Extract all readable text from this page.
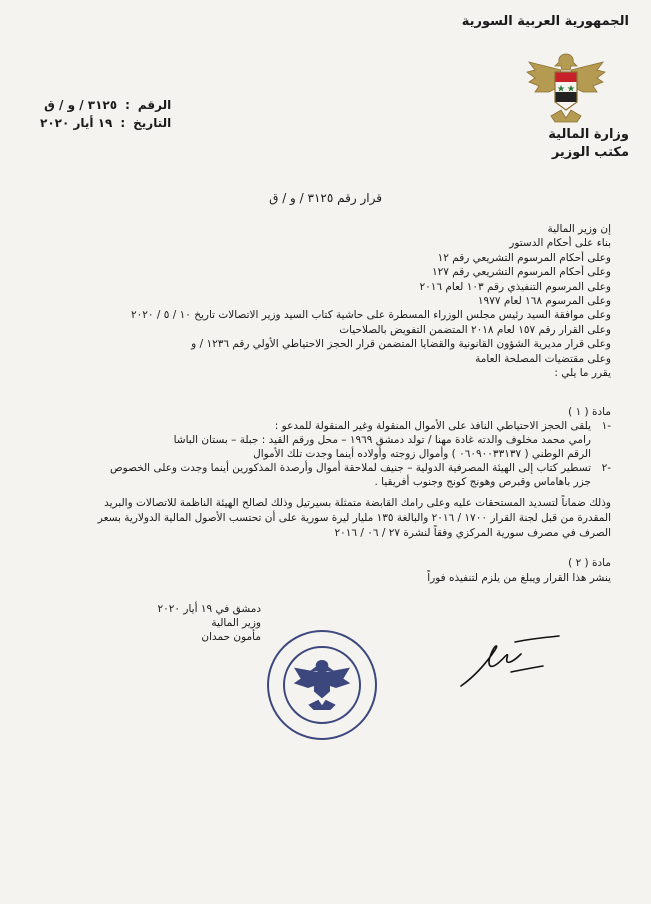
الجمهورية العربية السورية
وزارة المالية
مكتب الوزير
الرقم
:
٣١٢٥ / و / ق
التاريخ
:
١٩ أيار ٢٠٢٠
قرار رقم ٣١٢٥ / و / ق
إن وزير المالية
بناء على أحكام الدستور
وعلى أحكام المرسوم التشريعي رقم ١٢
وعلى أحكام المرسوم التشريعي رقم ١٢٧
وعلى المرسوم التنفيذي رقم ١٠٣ لعام ٢٠١٦
وعلى المرسوم ١٦٨ لعام ١٩٧٧
وعلى موافقة السيد رئيس مجلس الوزراء المسطرة على حاشية كتاب السيد وزير الاتصالات تاريخ ١٠ / ٥ / ٢٠٢٠
وعلى القرار رقم ١٥٧ لعام ٢٠١٨ المتضمن التفويض بالصلاحيات
وعلى قرار مديرية الشؤون القانونية والقضايا المتضمن قرار الحجز الاحتياطي الأولي رقم ١٢٣٦ / و
وعلى مقتضيات المصلحة العامة
يقرر ما يلي :
مادة ( ١ )
-١
يلقى الحجز الاحتياطي النافذ على الأموال المنقولة وغير المنقولة للمدعو :
رامي محمد مخلوف والدته غادة مهنا / تولد دمشق ١٩٦٩ – محل ورقم القيد : جبلة – بستان الباشا
الرقم الوطني ( ٠٦٠٩٠٠٣٣١٣٧ ) وأموال زوجته وأولاده أينما وجدت تلك الأموال
-٢
تسطير كتاب إلى الهيئة المصرفية الدولية – جنيف لملاحقة أموال وأرصدة المذكورين أينما وجدت وعلى الخصوص
جزر باهاماس وقبرص وهونج كونج وجنوب أفريقيا .
وذلك ضماناً لتسديد المستحقات عليه وعلى رامك القابضة متمثلة بسيرتيل وذلك لصالح الهيئة الناظمة للاتصالات والبريد
المقدرة من قبل لجنة القرار ١٧٠٠ / ٢٠١٦ والبالغة ١٣٥ مليار ليرة سورية على أن تحتسب الأصول المالية الدولارية بسعر
الصرف في مصرف سورية المركزي وفقاً لنشرة ٢٧ / ٠٦ / ٢٠١٦
مادة ( ٢ )
ينشر هذا القرار ويبلغ من يلزم لتنفيذه فوراً
دمشق في ١٩ أيار ٢٠٢٠
وزير المالية
مأمون حمدان
